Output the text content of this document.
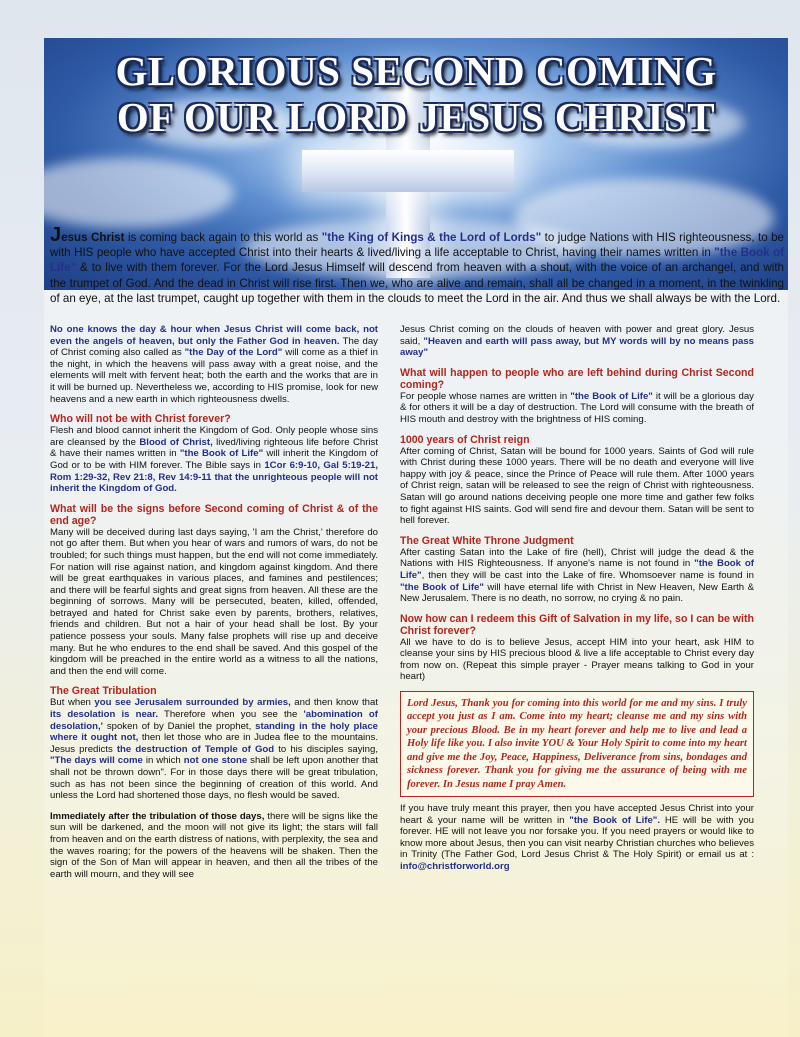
GLORIOUS SECOND COMING
OF OUR LORD JESUS CHRIST

Jesus Christ is coming back again to this world as "the King of Kings & the Lord of Lords" to judge Nations with HIS righteousness, to be with HIS people who have accepted Christ into their hearts & lived/living a life acceptable to Christ, having their names written in "the Book of Life" & to live with them forever. For the Lord Jesus Himself will descend from heaven with a shout, with the voice of an archangel, and with the trumpet of God. And the dead in Christ will rise first. Then we, who are alive and remain, shall all be changed in a moment, in the twinkling of an eye, at the last trumpet, caught up together with them in the clouds to meet the Lord in the air. And thus we shall always be with the Lord.

No one knows the day & hour when Jesus Christ will come back, not even the angels of heaven, but only the Father God in heaven. The day of Christ coming also called as "the Day of the Lord" will come as a thief in the night, in which the heavens will pass away with a great noise, and the elements will melt with fervent heat; both the earth and the works that are in it will be burned up. Nevertheless we, according to HIS promise, look for new heavens and a new earth in which righteousness dwells.

Who will not be with Christ forever?

Flesh and blood cannot inherit the Kingdom of God. Only people whose sins are cleansed by the Blood of Christ, lived/living righteous life before Christ & have their names written in "the Book of Life" will inherit the Kingdom of God or to be with HIM forever. The Bible says in 1Cor 6:9-10, Gal 5:19-21, Rom 1:29-32, Rev 21:8, Rev 14:9-11 that the unrighteous people will not inherit the Kingdom of God.

What will be the signs before Second coming of Christ & of the end age?

Many will be deceived during last days saying, 'I am the Christ,' therefore do not go after them. But when you hear of wars and rumors of wars, do not be troubled; for such things must happen, but the end will not come immediately. For nation will rise against nation, and kingdom against kingdom. And there will be great earthquakes in various places, and famines and pestilences; and there will be fearful sights and great signs from heaven. All these are the beginning of sorrows. Many will be persecuted, beaten, killed, offended, betrayed and hated for Christ sake even by parents, brothers, relatives, friends and children. But not a hair of your head shall be lost. By your patience possess your souls. Many false prophets will rise up and deceive many. But he who endures to the end shall be saved. And this gospel of the kingdom will be preached in the entire world as a witness to all the nations, and then the end will come.

The Great Tribulation

But when you see Jerusalem surrounded by armies, and then know that its desolation is near. Therefore when you see the 'abomination of desolation,' spoken of by Daniel the prophet, standing in the holy place where it ought not, then let those who are in Judea flee to the mountains. Jesus predicts the destruction of Temple of God to his disciples saying, "The days will come in which not one stone shall be left upon another that shall not be thrown down". For in those days there will be great tribulation, such as has not been since the beginning of creation of this world. And unless the Lord had shortened those days, no flesh would be saved.

Immediately after the tribulation of those days, there will be signs like the sun will be darkened, and the moon will not give its light; the stars will fall from heaven and on the earth distress of nations, with perplexity, the sea and the waves roaring; for the powers of the heavens will be shaken. Then the sign of the Son of Man will appear in heaven, and then all the tribes of the earth will mourn, and they will see

Jesus Christ coming on the clouds of heaven with power and great glory. Jesus said, "Heaven and earth will pass away, but MY words will by no means pass away"

What will happen to people who are left behind during Christ Second coming?

For people whose names are written in "the Book of Life" it will be a glorious day & for others it will be a day of destruction. The Lord will consume with the breath of HIS mouth and destroy with the brightness of HIS coming.

1000 years of Christ reign

After coming of Christ, Satan will be bound for 1000 years. Saints of God will rule with Christ during these 1000 years. There will be no death and everyone will live happy with joy & peace, since the Prince of Peace will rule them. After 1000 years of Christ reign, satan will be released to see the reign of Christ with righteousness. Satan will go around nations deceiving people one more time and gather few folks to fight against HIS saints. God will send fire and devour them. Satan will be sent to hell forever.

The Great White Throne Judgment

After casting Satan into the Lake of fire (hell), Christ will judge the dead & the Nations with HIS Righteousness. If anyone's name is not found in "the Book of Life", then they will be cast into the Lake of fire. Whomsoever name is found in "the Book of Life" will have eternal life with Christ in New Heaven, New Earth & New Jerusalem. There is no death, no sorrow, no crying & no pain.

Now how can I redeem this Gift of Salvation in my life, so I can be with Christ forever?

All we have to do is to believe Jesus, accept HIM into your heart, ask HIM to cleanse your sins by HIS precious blood & live a life acceptable to Christ every day from now on. (Repeat this simple prayer - Prayer means talking to God in your heart)

Lord Jesus, Thank you for coming into this world for me and my sins. I truly accept you just as I am. Come into my heart; cleanse me and my sins with your precious Blood. Be in my heart forever and help me to live and lead a Holy life like you. I also invite YOU & Your Holy Spirit to come into my heart and give me the Joy, Peace, Happiness, Deliverance from sins, bondages and sickness forever. Thank you for giving me the assurance of being with me forever. In Jesus name I pray Amen.

If you have truly meant this prayer, then you have accepted Jesus Christ into your heart & your name will be written in "the Book of Life". HE will be with you forever. HE will not leave you nor forsake you. If you need prayers or would like to know more about Jesus, then you can visit nearby Christian churches who believes in Trinity (The Father God, Lord Jesus Christ & The Holy Spirit) or email us at : info@christforworld.org
